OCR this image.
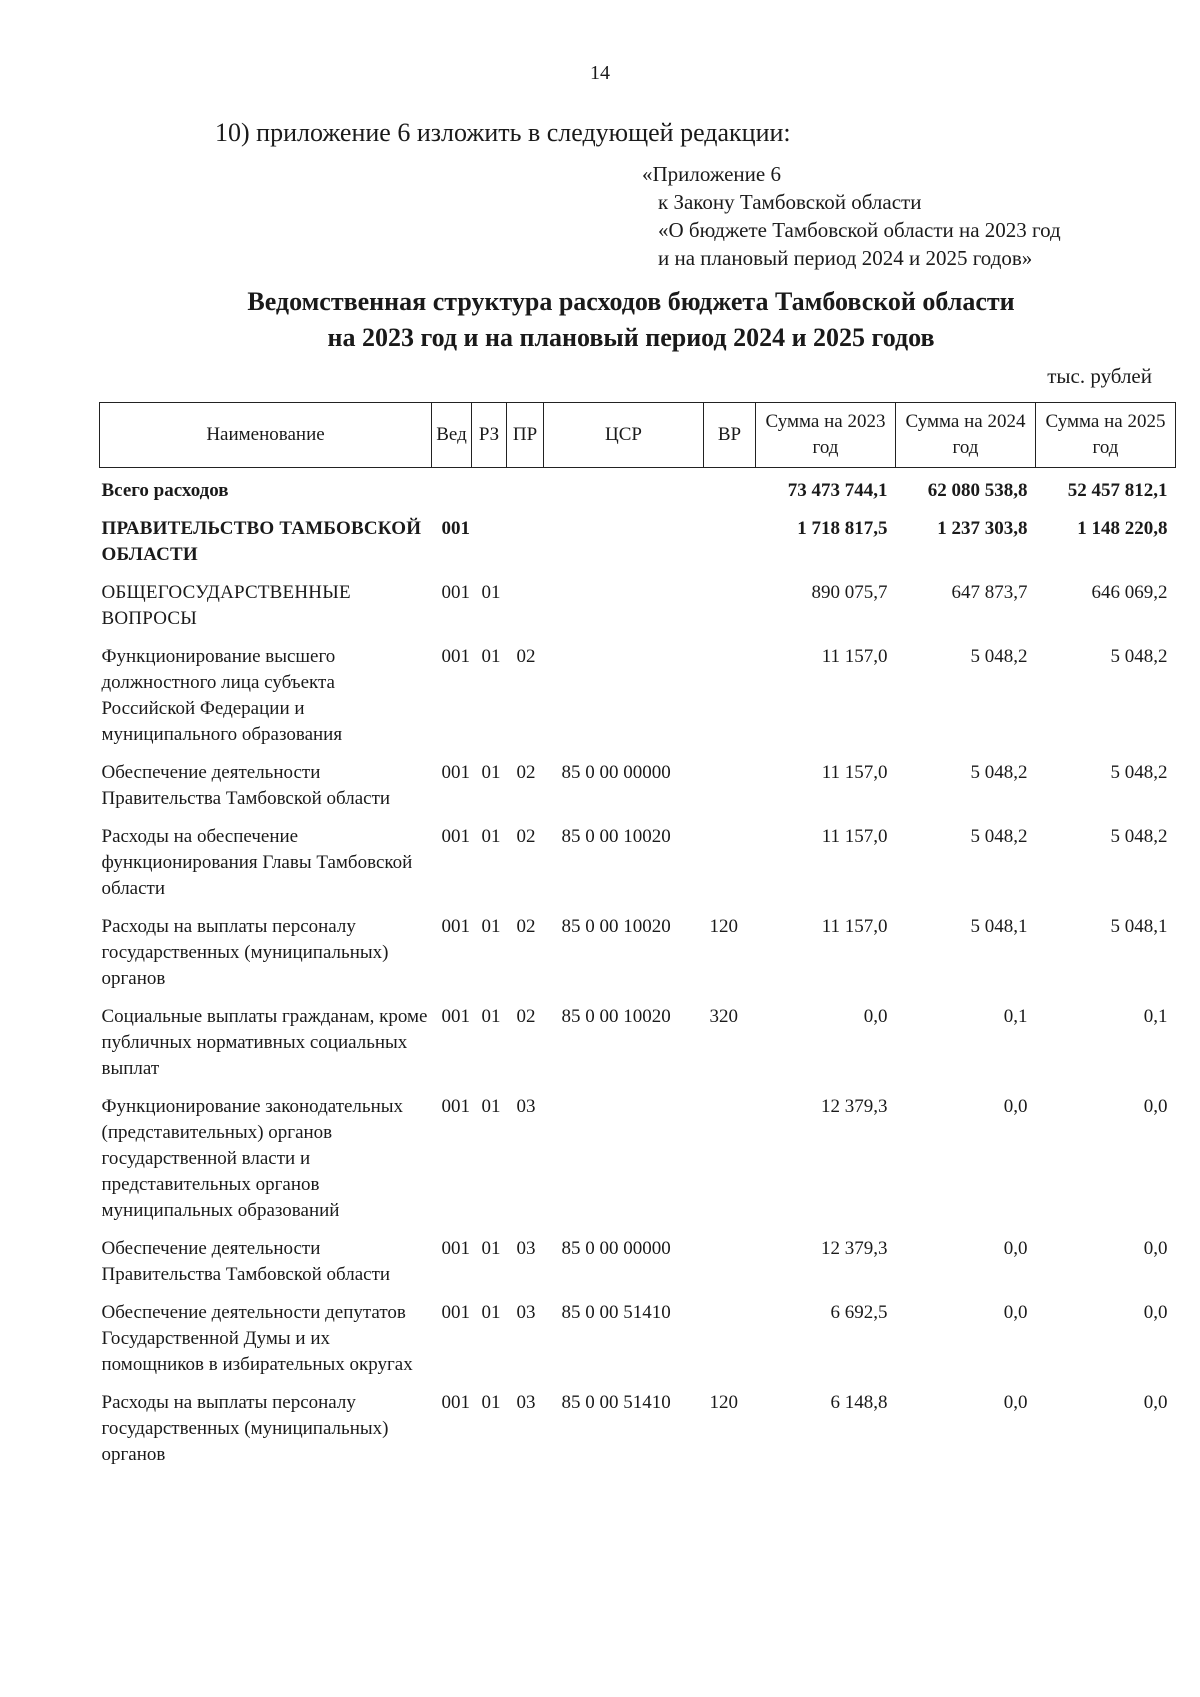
14
10) приложение 6 изложить в следующей редакции:
«Приложение 6
к Закону Тамбовской области
«О бюджете Тамбовской области на 2023 год
и на плановый период 2024 и 2025 годов»
Ведомственная структура расходов бюджета Тамбовской области
на 2023 год и на плановый период 2024 и 2025 годов
тыс. рублей
Наименование	Вед	РЗ	ПР	ЦСР	ВР	Сумма на 2023 год	Сумма на 2024 год	Сумма на 2025 год
Всего расходов						73 473 744,1	62 080 538,8	52 457 812,1
ПРАВИТЕЛЬСТВО ТАМБОВСКОЙ ОБЛАСТИ	001					1 718 817,5	1 237 303,8	1 148 220,8
ОБЩЕГОСУДАРСТВЕННЫЕ ВОПРОСЫ	001	01				890 075,7	647 873,7	646 069,2
Функционирование высшего должностного лица субъекта Российской Федерации и муниципального образования	001	01	02			11 157,0	5 048,2	5 048,2
Обеспечение деятельности Правительства Тамбовской области	001	01	02	85 0 00 00000		11 157,0	5 048,2	5 048,2
Расходы на обеспечение функционирования Главы Тамбовской области	001	01	02	85 0 00 10020		11 157,0	5 048,2	5 048,2
Расходы на выплаты персоналу государственных (муниципальных) органов	001	01	02	85 0 00 10020	120	11 157,0	5 048,1	5 048,1
Социальные выплаты гражданам, кроме публичных нормативных социальных выплат	001	01	02	85 0 00 10020	320	0,0	0,1	0,1
Функционирование законодательных (представительных) органов государственной власти и представительных органов муниципальных образований	001	01	03			12 379,3	0,0	0,0
Обеспечение деятельности Правительства Тамбовской области	001	01	03	85 0 00 00000		12 379,3	0,0	0,0
Обеспечение деятельности депутатов Государственной Думы и их помощников в избирательных округах	001	01	03	85 0 00 51410		6 692,5	0,0	0,0
Расходы на выплаты персоналу государственных (муниципальных) органов	001	01	03	85 0 00 51410	120	6 148,8	0,0	0,0
